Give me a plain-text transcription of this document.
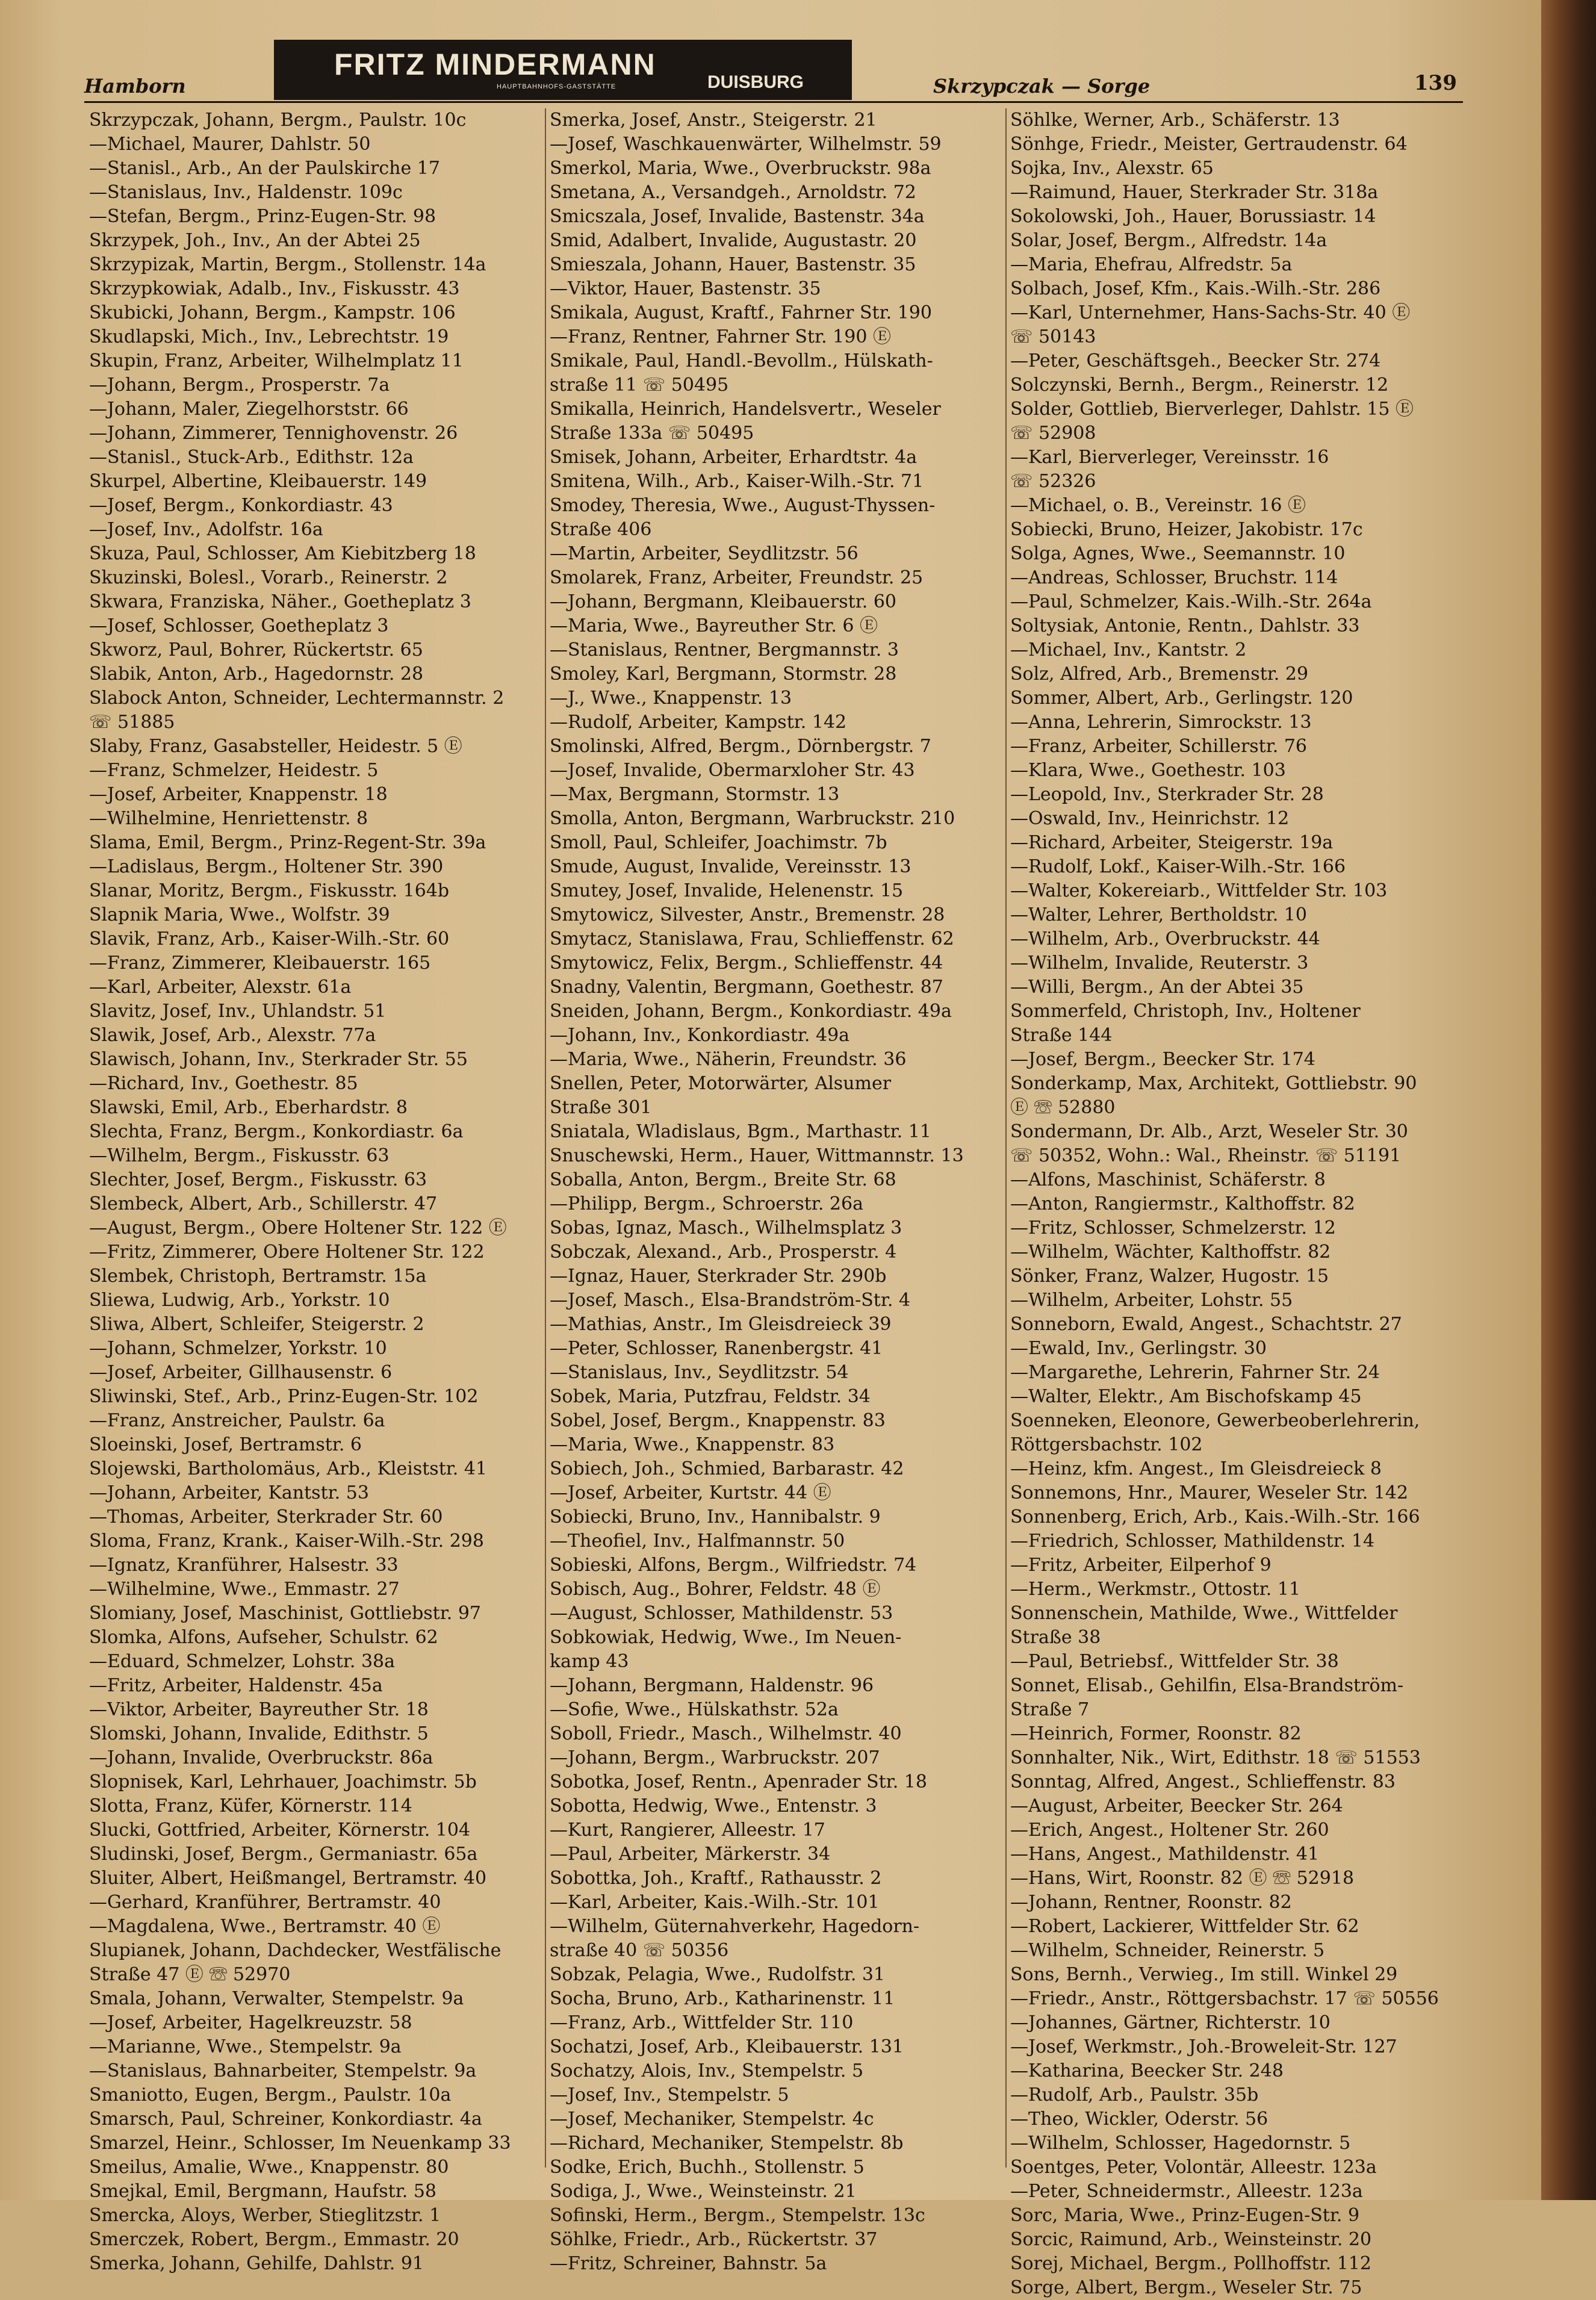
Hamborn
FRITZ MINDERMANN
HAUPTBAHNHOFS-GASTSTÄTTE	DUISBURG	Skrzypczak — Sorge	139
Skrzypczak, Johann, Bergm., Paulstr. 10c
—Michael, Maurer, Dahlstr. 50
—Stanisl., Arb., An der Paulskirche 17
—Stanislaus, Inv., Haldenstr. 109c
—Stefan, Bergm., Prinz-Eugen-Str. 98
Skrzypek, Joh., Inv., An der Abtei 25
Skrzypizak, Martin, Bergm., Stollenstr. 14a
Skrzypkowiak, Adalb., Inv., Fiskusstr. 43
Skubicki, Johann, Bergm., Kampstr. 106
Skudlapski, Mich., Inv., Lebrechtstr. 19
Skupin, Franz, Arbeiter, Wilhelmplatz 11
—Johann, Bergm., Prosperstr. 7a
—Johann, Maler, Ziegelhorststr. 66
—Johann, Zimmerer, Tennighovenstr. 26
—Stanisl., Stuck-Arb., Edithstr. 12a
Skurpel, Albertine, Kleibauerstr. 149
—Josef, Bergm., Konkordiastr. 43
—Josef, Inv., Adolfstr. 16a
Skuza, Paul, Schlosser, Am Kiebitzberg 18
Skuzinski, Bolesl., Vorarb., Reinerstr. 2
Skwara, Franziska, Näher., Goetheplatz 3
—Josef, Schlosser, Goetheplatz 3
Skworz, Paul, Bohrer, Rückertstr. 65
Slabik, Anton, Arb., Hagedornstr. 28
Slabock Anton, Schneider, Lechtermannstr. 2
☏ 51885
Slaby, Franz, Gasabsteller, Heidestr. 5 Ⓔ
—Franz, Schmelzer, Heidestr. 5
—Josef, Arbeiter, Knappenstr. 18
—Wilhelmine, Henriettenstr. 8
Slama, Emil, Bergm., Prinz-Regent-Str. 39a
—Ladislaus, Bergm., Holtener Str. 390
Slanar, Moritz, Bergm., Fiskusstr. 164b
Slapnik Maria, Wwe., Wolfstr. 39
Slavik, Franz, Arb., Kaiser-Wilh.-Str. 60
—Franz, Zimmerer, Kleibauerstr. 165
—Karl, Arbeiter, Alexstr. 61a
Slavitz, Josef, Inv., Uhlandstr. 51
Slawik, Josef, Arb., Alexstr. 77a
Slawisch, Johann, Inv., Sterkrader Str. 55
—Richard, Inv., Goethestr. 85
Slawski, Emil, Arb., Eberhardstr. 8
Slechta, Franz, Bergm., Konkordiastr. 6a
—Wilhelm, Bergm., Fiskusstr. 63
Slechter, Josef, Bergm., Fiskusstr. 63
Slembeck, Albert, Arb., Schillerstr. 47
—August, Bergm., Obere Holtener Str. 122 Ⓔ
—Fritz, Zimmerer, Obere Holtener Str. 122
Slembek, Christoph, Bertramstr. 15a
Sliewa, Ludwig, Arb., Yorkstr. 10
Sliwa, Albert, Schleifer, Steigerstr. 2
—Johann, Schmelzer, Yorkstr. 10
—Josef, Arbeiter, Gillhausenstr. 6
Sliwinski, Stef., Arb., Prinz-Eugen-Str. 102
—Franz, Anstreicher, Paulstr. 6a
Sloeinski, Josef, Bertramstr. 6
Slojewski, Bartholomäus, Arb., Kleiststr. 41
—Johann, Arbeiter, Kantstr. 53
—Thomas, Arbeiter, Sterkrader Str. 60
Sloma, Franz, Krank., Kaiser-Wilh.-Str. 298
—Ignatz, Kranführer, Halsestr. 33
—Wilhelmine, Wwe., Emmastr. 27
Slomiany, Josef, Maschinist, Gottliebstr. 97
Slomka, Alfons, Aufseher, Schulstr. 62
—Eduard, Schmelzer, Lohstr. 38a
—Fritz, Arbeiter, Haldenstr. 45a
—Viktor, Arbeiter, Bayreuther Str. 18
Slomski, Johann, Invalide, Edithstr. 5
—Johann, Invalide, Overbruckstr. 86a
Slopnisek, Karl, Lehrhauer, Joachimstr. 5b
Slotta, Franz, Küfer, Körnerstr. 114
Slucki, Gottfried, Arbeiter, Körnerstr. 104
Sludinski, Josef, Bergm., Germaniastr. 65a
Sluiter, Albert, Heißmangel, Bertramstr. 40
—Gerhard, Kranführer, Bertramstr. 40
—Magdalena, Wwe., Bertramstr. 40 Ⓔ
Slupianek, Johann, Dachdecker, Westfälische
Straße 47 Ⓔ ☏ 52970
Smala, Johann, Verwalter, Stempelstr. 9a
—Josef, Arbeiter, Hagelkreuzstr. 58
—Marianne, Wwe., Stempelstr. 9a
—Stanislaus, Bahnarbeiter, Stempelstr. 9a
Smaniotto, Eugen, Bergm., Paulstr. 10a
Smarsch, Paul, Schreiner, Konkordiastr. 4a
Smarzel, Heinr., Schlosser, Im Neuenkamp 33
Smeilus, Amalie, Wwe., Knappenstr. 80
Smejkal, Emil, Bergmann, Haufstr. 58
Smercka, Aloys, Werber, Stieglitzstr. 1
Smerczek, Robert, Bergm., Emmastr. 20
Smerka, Johann, Gehilfe, Dahlstr. 91
Smerka, Josef, Anstr., Steigerstr. 21
—Josef, Waschkauenwärter, Wilhelmstr. 59
Smerkol, Maria, Wwe., Overbruckstr. 98a
Smetana, A., Versandgeh., Arnoldstr. 72
Smicszala, Josef, Invalide, Bastenstr. 34a
Smid, Adalbert, Invalide, Augustastr. 20
Smieszala, Johann, Hauer, Bastenstr. 35
—Viktor, Hauer, Bastenstr. 35
Smikala, August, Kraftf., Fahrner Str. 190
—Franz, Rentner, Fahrner Str. 190 Ⓔ
Smikale, Paul, Handl.-Bevollm., Hülskath-
straße 11 ☏ 50495
Smikalla, Heinrich, Handelsvertr., Weseler
Straße 133a ☏ 50495
Smisek, Johann, Arbeiter, Erhardtstr. 4a
Smitena, Wilh., Arb., Kaiser-Wilh.-Str. 71
Smodey, Theresia, Wwe., August-Thyssen-
Straße 406
—Martin, Arbeiter, Seydlitzstr. 56
Smolarek, Franz, Arbeiter, Freundstr. 25
—Johann, Bergmann, Kleibauerstr. 60
—Maria, Wwe., Bayreuther Str. 6 Ⓔ
—Stanislaus, Rentner, Bergmannstr. 3
Smoley, Karl, Bergmann, Stormstr. 28
—J., Wwe., Knappenstr. 13
—Rudolf, Arbeiter, Kampstr. 142
Smolinski, Alfred, Bergm., Dörnbergstr. 7
—Josef, Invalide, Obermarxloher Str. 43
—Max, Bergmann, Stormstr. 13
Smolla, Anton, Bergmann, Warbruckstr. 210
Smoll, Paul, Schleifer, Joachimstr. 7b
Smude, August, Invalide, Vereinsstr. 13
Smutey, Josef, Invalide, Helenenstr. 15
Smytowicz, Silvester, Anstr., Bremenstr. 28
Smytacz, Stanislawa, Frau, Schlieffenstr. 62
Smytowicz, Felix, Bergm., Schlieffenstr. 44
Snadny, Valentin, Bergmann, Goethestr. 87
Sneiden, Johann, Bergm., Konkordiastr. 49a
—Johann, Inv., Konkordiastr. 49a
—Maria, Wwe., Näherin, Freundstr. 36
Snellen, Peter, Motorwärter, Alsumer
Straße 301
Sniatala, Wladislaus, Bgm., Marthastr. 11
Snuschewski, Herm., Hauer, Wittmannstr. 13
Soballa, Anton, Bergm., Breite Str. 68
—Philipp, Bergm., Schroerstr. 26a
Sobas, Ignaz, Masch., Wilhelmsplatz 3
Sobczak, Alexand., Arb., Prosperstr. 4
—Ignaz, Hauer, Sterkrader Str. 290b
—Josef, Masch., Elsa-Brandström-Str. 4
—Mathias, Anstr., Im Gleisdreieck 39
—Peter, Schlosser, Ranenbergstr. 41
—Stanislaus, Inv., Seydlitzstr. 54
Sobek, Maria, Putzfrau, Feldstr. 34
Sobel, Josef, Bergm., Knappenstr. 83
—Maria, Wwe., Knappenstr. 83
Sobiech, Joh., Schmied, Barbarastr. 42
—Josef, Arbeiter, Kurtstr. 44 Ⓔ
Sobiecki, Bruno, Inv., Hannibalstr. 9
—Theofiel, Inv., Halfmannstr. 50
Sobieski, Alfons, Bergm., Wilfriedstr. 74
Sobisch, Aug., Bohrer, Feldstr. 48 Ⓔ
—August, Schlosser, Mathildenstr. 53
Sobkowiak, Hedwig, Wwe., Im Neuen-
kamp 43
—Johann, Bergmann, Haldenstr. 96
—Sofie, Wwe., Hülskathstr. 52a
Soboll, Friedr., Masch., Wilhelmstr. 40
—Johann, Bergm., Warbruckstr. 207
Sobotka, Josef, Rentn., Apenrader Str. 18
Sobotta, Hedwig, Wwe., Entenstr. 3
—Kurt, Rangierer, Alleestr. 17
—Paul, Arbeiter, Märkerstr. 34
Sobottka, Joh., Kraftf., Rathausstr. 2
—Karl, Arbeiter, Kais.-Wilh.-Str. 101
—Wilhelm, Güternahverkehr, Hagedorn-
straße 40 ☏ 50356
Sobzak, Pelagia, Wwe., Rudolfstr. 31
Socha, Bruno, Arb., Katharinenstr. 11
—Franz, Arb., Wittfelder Str. 110
Sochatzi, Josef, Arb., Kleibauerstr. 131
Sochatzy, Alois, Inv., Stempelstr. 5
—Josef, Inv., Stempelstr. 5
—Josef, Mechaniker, Stempelstr. 4c
—Richard, Mechaniker, Stempelstr. 8b
Sodke, Erich, Buchh., Stollenstr. 5
Sodiga, J., Wwe., Weinsteinstr. 21
Sofinski, Herm., Bergm., Stempelstr. 13c
Söhlke, Friedr., Arb., Rückertstr. 37
—Fritz, Schreiner, Bahnstr. 5a
Söhlke, Werner, Arb., Schäferstr. 13
Sönhge, Friedr., Meister, Gertraudenstr. 64
Sojka, Inv., Alexstr. 65
—Raimund, Hauer, Sterkrader Str. 318a
Sokolowski, Joh., Hauer, Borussiastr. 14
Solar, Josef, Bergm., Alfredstr. 14a
—Maria, Ehefrau, Alfredstr. 5a
Solbach, Josef, Kfm., Kais.-Wilh.-Str. 286
—Karl, Unternehmer, Hans-Sachs-Str. 40 Ⓔ
☏ 50143
—Peter, Geschäftsgeh., Beecker Str. 274
Solczynski, Bernh., Bergm., Reinerstr. 12
Solder, Gottlieb, Bierverleger, Dahlstr. 15 Ⓔ
☏ 52908
—Karl, Bierverleger, Vereinsstr. 16
☏ 52326
—Michael, o. B., Vereinstr. 16 Ⓔ
Sobiecki, Bruno, Heizer, Jakobistr. 17c
Solga, Agnes, Wwe., Seemannstr. 10
—Andreas, Schlosser, Bruchstr. 114
—Paul, Schmelzer, Kais.-Wilh.-Str. 264a
Soltysiak, Antonie, Rentn., Dahlstr. 33
—Michael, Inv., Kantstr. 2
Solz, Alfred, Arb., Bremenstr. 29
Sommer, Albert, Arb., Gerlingstr. 120
—Anna, Lehrerin, Simrockstr. 13
—Franz, Arbeiter, Schillerstr. 76
—Klara, Wwe., Goethestr. 103
—Leopold, Inv., Sterkrader Str. 28
—Oswald, Inv., Heinrichstr. 12
—Richard, Arbeiter, Steigerstr. 19a
—Rudolf, Lokf., Kaiser-Wilh.-Str. 166
—Walter, Kokereiarb., Wittfelder Str. 103
—Walter, Lehrer, Bertholdstr. 10
—Wilhelm, Arb., Overbruckstr. 44
—Wilhelm, Invalide, Reuterstr. 3
—Willi, Bergm., An der Abtei 35
Sommerfeld, Christoph, Inv., Holtener
Straße 144
—Josef, Bergm., Beecker Str. 174
Sonderkamp, Max, Architekt, Gottliebstr. 90
Ⓔ ☏ 52880
Sondermann, Dr. Alb., Arzt, Weseler Str. 30
☏ 50352, Wohn.: Wal., Rheinstr. ☏ 51191
—Alfons, Maschinist, Schäferstr. 8
—Anton, Rangiermstr., Kalthoffstr. 82
—Fritz, Schlosser, Schmelzerstr. 12
—Wilhelm, Wächter, Kalthoffstr. 82
Sönker, Franz, Walzer, Hugostr. 15
—Wilhelm, Arbeiter, Lohstr. 55
Sonneborn, Ewald, Angest., Schachtstr. 27
—Ewald, Inv., Gerlingstr. 30
—Margarethe, Lehrerin, Fahrner Str. 24
—Walter, Elektr., Am Bischofskamp 45
Soenneken, Eleonore, Gewerbeoberlehrerin,
Röttgersbachstr. 102
—Heinz, kfm. Angest., Im Gleisdreieck 8
Sonnemons, Hnr., Maurer, Weseler Str. 142
Sonnenberg, Erich, Arb., Kais.-Wilh.-Str. 166
—Friedrich, Schlosser, Mathildenstr. 14
—Fritz, Arbeiter, Eilperhof 9
—Herm., Werkmstr., Ottostr. 11
Sonnenschein, Mathilde, Wwe., Wittfelder
Straße 38
—Paul, Betriebsf., Wittfelder Str. 38
Sonnet, Elisab., Gehilfin, Elsa-Brandström-
Straße 7
—Heinrich, Former, Roonstr. 82
Sonnhalter, Nik., Wirt, Edithstr. 18 ☏ 51553
Sonntag, Alfred, Angest., Schlieffenstr. 83
—August, Arbeiter, Beecker Str. 264
—Erich, Angest., Holtener Str. 260
—Hans, Angest., Mathildenstr. 41
—Hans, Wirt, Roonstr. 82 Ⓔ ☏ 52918
—Johann, Rentner, Roonstr. 82
—Robert, Lackierer, Wittfelder Str. 62
—Wilhelm, Schneider, Reinerstr. 5
Sons, Bernh., Verwieg., Im still. Winkel 29
—Friedr., Anstr., Röttgersbachstr. 17 ☏ 50556
—Johannes, Gärtner, Richterstr. 10
—Josef, Werkmstr., Joh.-Broweleit-Str. 127
—Katharina, Beecker Str. 248
—Rudolf, Arb., Paulstr. 35b
—Theo, Wickler, Oderstr. 56
—Wilhelm, Schlosser, Hagedornstr. 5
Soentges, Peter, Volontär, Alleestr. 123a
—Peter, Schneidermstr., Alleestr. 123a
Sorc, Maria, Wwe., Prinz-Eugen-Str. 9
Sorcic, Raimund, Arb., Weinsteinstr. 20
Sorej, Michael, Bergm., Pollhoffstr. 112
Sorge, Albert, Bergm., Weseler Str. 75
